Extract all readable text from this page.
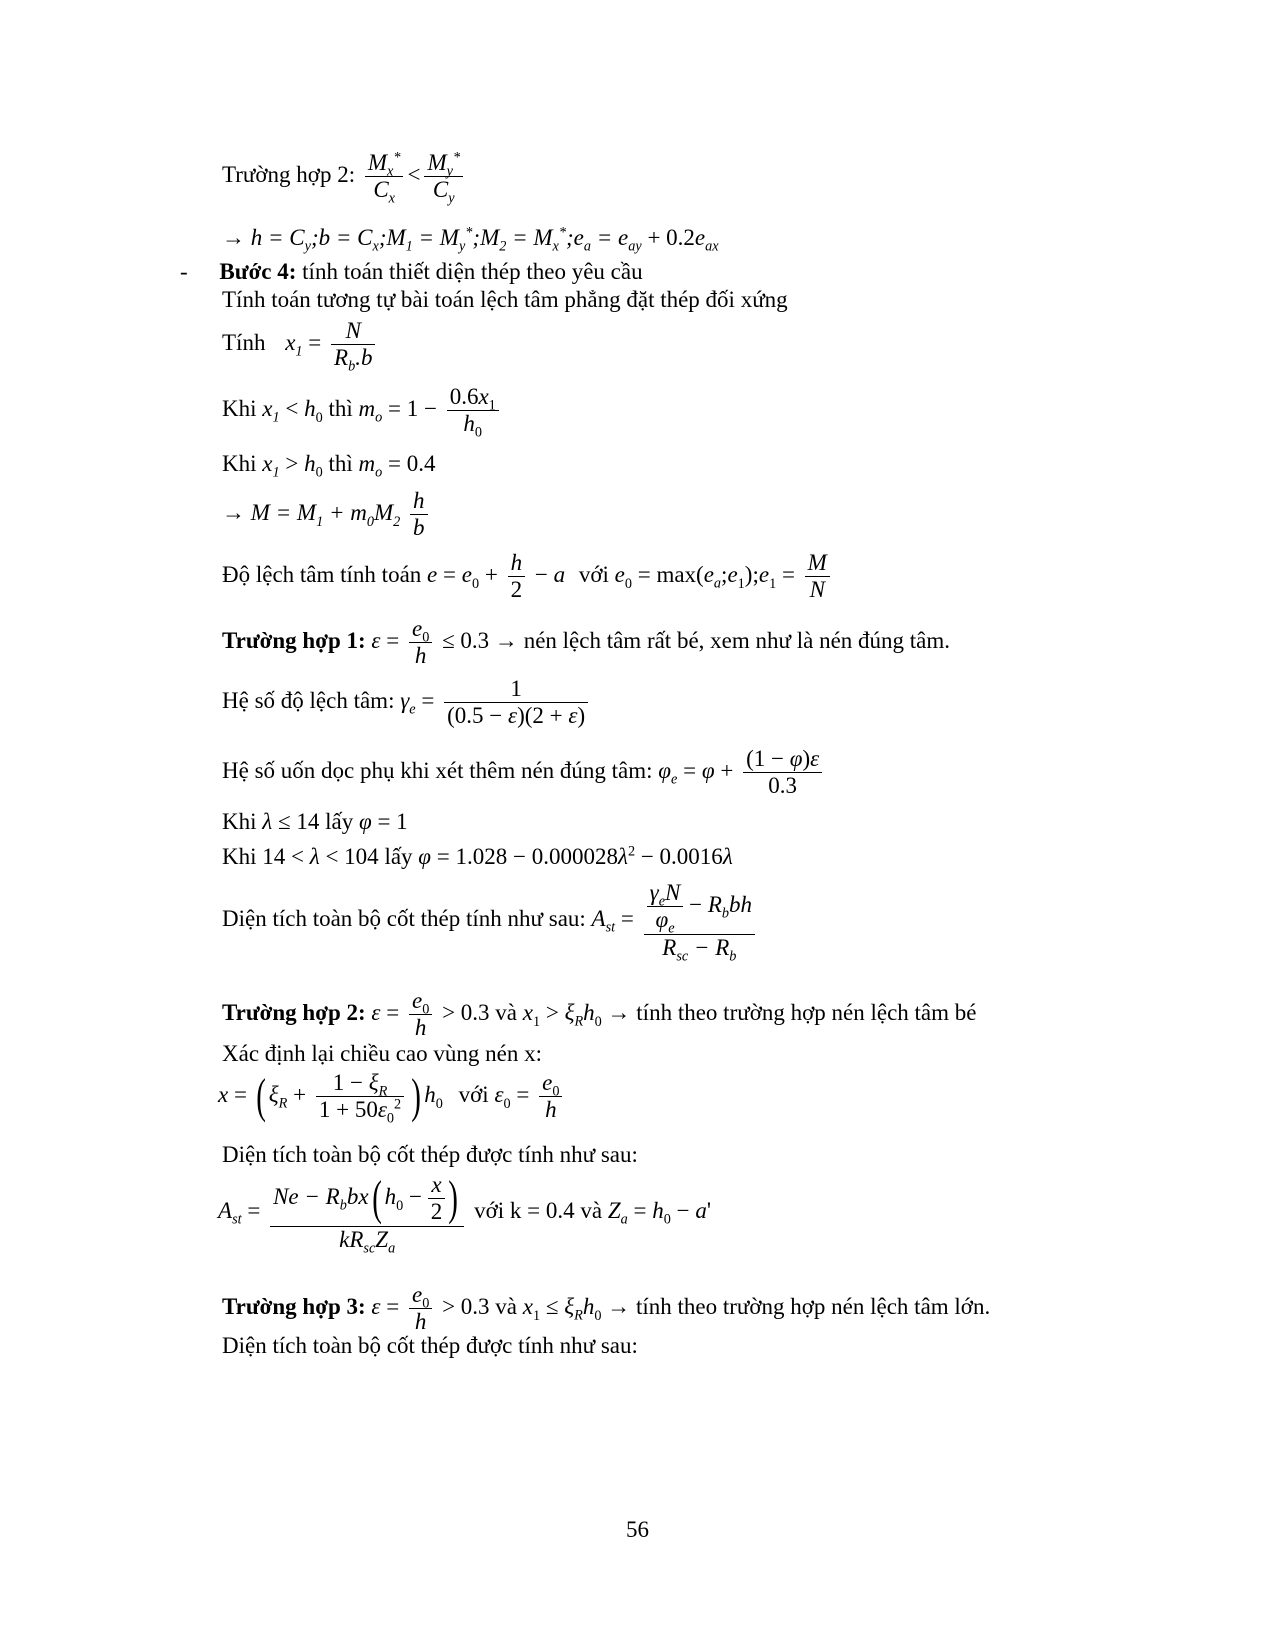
Trường hợp 2: $\frac{M_x^*}{C_x} < \frac{M_y^*}{C_y}$
→ $h = C_y;b$ = $C_x;M_1$ = $M_y^*;M_2$ = $M_x^*;e_a = e_{ay} + 0.2e_{ax}$
- Bước 4: tính toán thiết diện thép theo yêu cầu
Tính toán tương tự bài toán lệch tâm phẳng đặt thép đối xứng
Tính $x_1 = \frac{N}{R_b.b}$
Khi $x_1 < h_0$ thì $m_o = 1 - \frac{0.6x_1}{h_0}$
Khi $x_1 > h_0$ thì $m_o = 0.4$
→ $M = M_1 + m_0M_2 \frac{h}{b}$
Độ lệch tâm tính toán $e = e_0 + \frac{h}{2} - a$ với $e_0$ = $\max(e_a;e_1);e_1 = \frac{M}{N}$
Trường hợp 1: $\varepsilon = \frac{e_0}{h} \le 0.3$ → nén lệch tâm rất bé, xem như là nén đúng tâm.
Hệ số độ lệch tâm: $\gamma_e = \frac{1}{(0.5 - \varepsilon)(2 + \varepsilon)}$
Hệ số uốn dọc phụ khi xét thêm nén đúng tâm: $\varphi_e = \varphi + \frac{(1 - \varphi)\varepsilon}{0.3}$
Khi λ ≤ 14 lấy φ = 1
Khi 14 < λ < 104 lấy $\varphi = 1.028 - 0.000028\lambda^2 - 0.0016\lambda$
Diện tích toàn bộ cốt thép tính như sau: $A_{st} = \frac{\frac{\gamma_eN}{\varphi_e} - R_bbh}{R_{sc} - R_b}$
Trường hợp 2: $\varepsilon = \frac{e_0}{h} > 0.3$ và $x_1 > \xi_Rh_0$ → tính theo trường hợp nén lệch tâm bé
Xác định lại chiều cao vùng nén x:
x = ( $\xi_R + \frac{1 - \xi_R}{1 + 50\varepsilon_0^2}$ ) $h_0$ với $\varepsilon_0 = \frac{e_0}{h}$
Diện tích toàn bộ cốt thép được tính như sau:
$A_{st} = \frac{Ne - R_bbx( h_0 - \frac{x}{2} )}{kR_{sc}Z_a}$ với k = 0.4 và $Z_a = h_0 - a'$
Trường hợp 3: $\varepsilon = \frac{e_0}{h} > 0.3$ và $x_1 \le \xi_Rh_0$ → tính theo trường hợp nén lệch tâm lớn.
Diện tích toàn bộ cốt thép được tính như sau:
56
